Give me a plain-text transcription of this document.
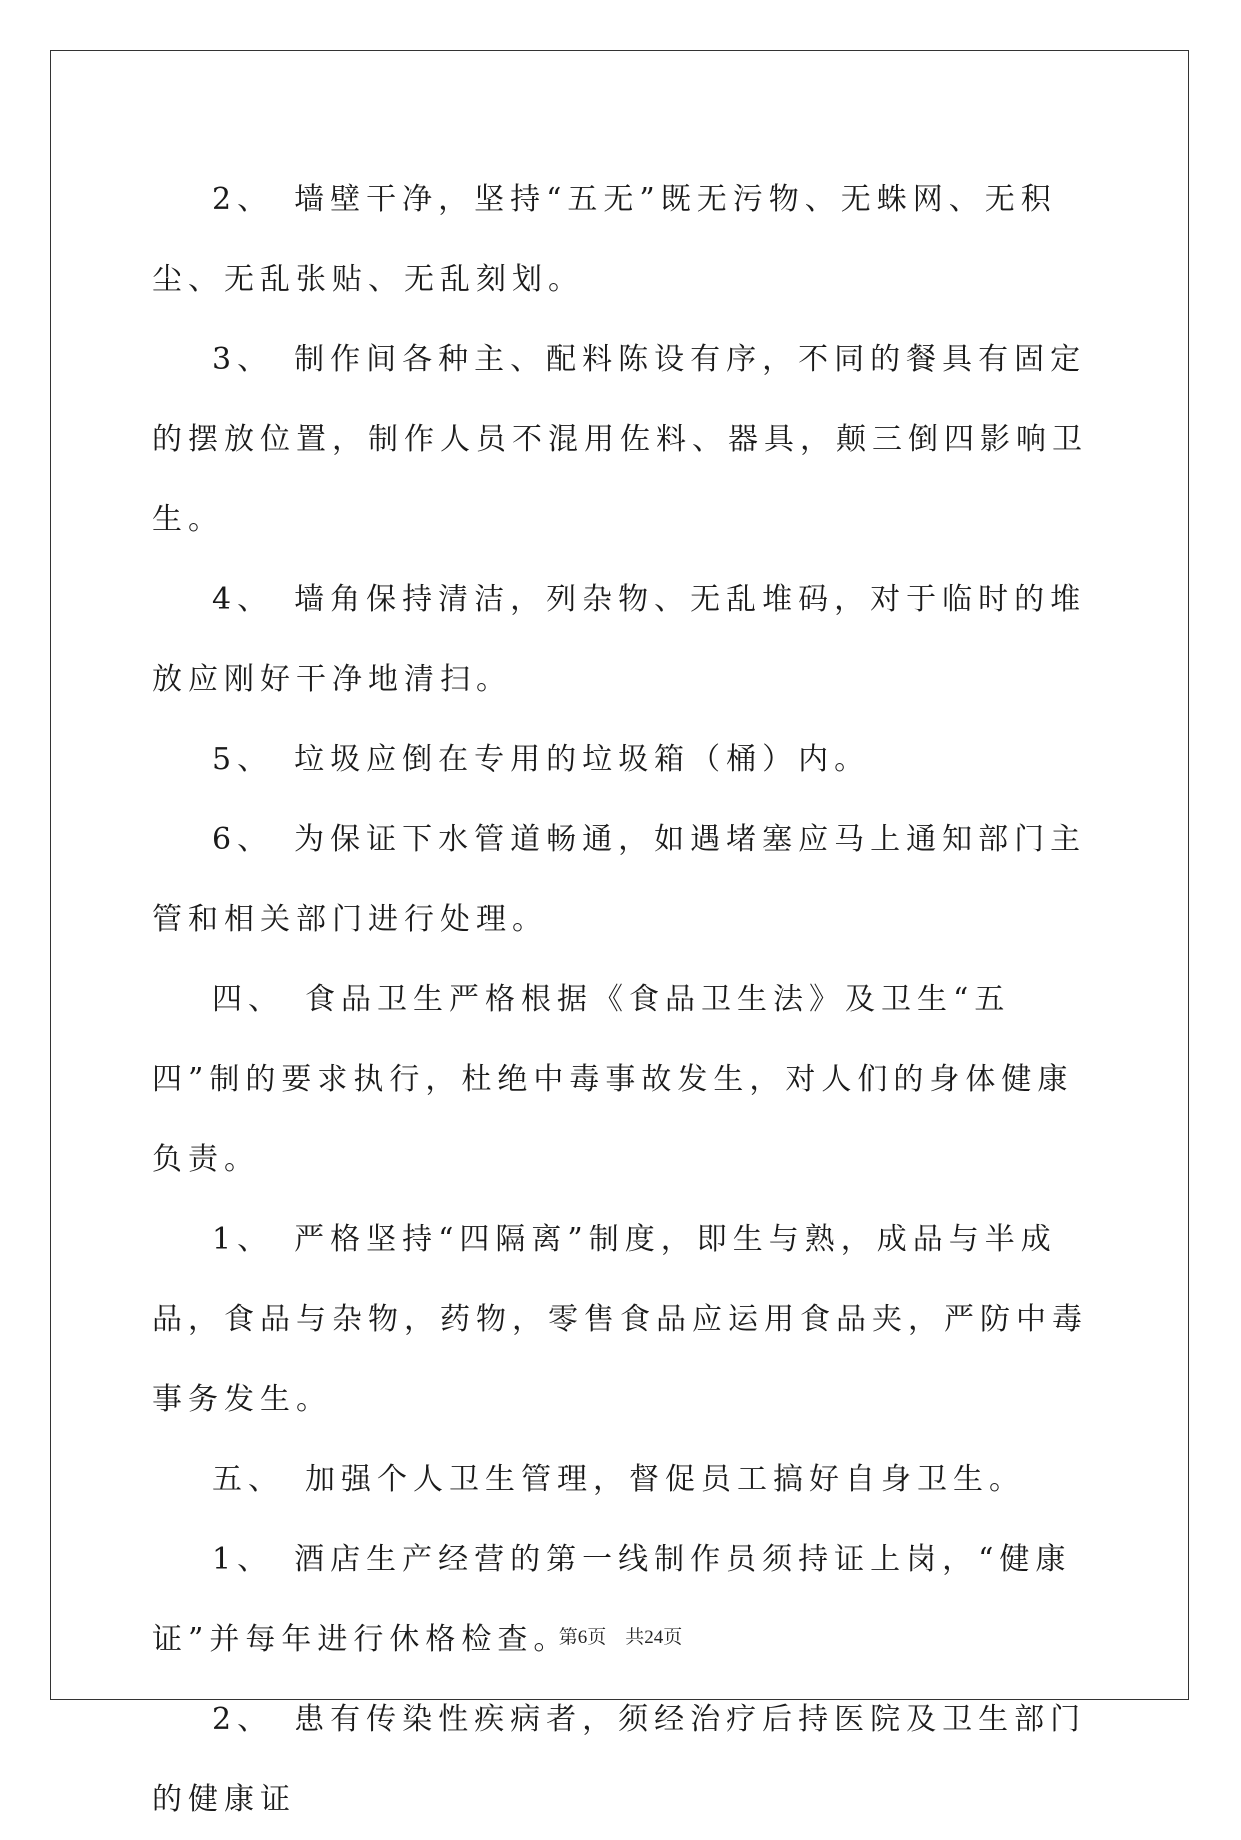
2、　墙壁干净，坚持“五无”既无污物、无蛛网、无积尘、无乱张贴、无乱刻划。

3、　制作间各种主、配料陈设有序，不同的餐具有固定的摆放位置，制作人员不混用佐料、器具，颠三倒四影响卫生。

4、　墙角保持清洁，列杂物、无乱堆码，对于临时的堆放应刚好干净地清扫。

5、　垃圾应倒在专用的垃圾箱（桶）内。

6、　为保证下水管道畅通，如遇堵塞应马上通知部门主管和相关部门进行处理。

四、　食品卫生严格根据《食品卫生法》及卫生“五四”制的要求执行，杜绝中毒事故发生，对人们的身体健康负责。

1、　严格坚持“四隔离”制度，即生与熟，成品与半成品，食品与杂物，药物，零售食品应运用食品夹，严防中毒事务发生。

五、　加强个人卫生管理，督促员工搞好自身卫生。

1、　酒店生产经营的第一线制作员须持证上岗，“健康证”并每年进行休格检查。

2、　患有传染性疾病者，须经治疗后持医院及卫生部门的健康证

第6页　共24页
